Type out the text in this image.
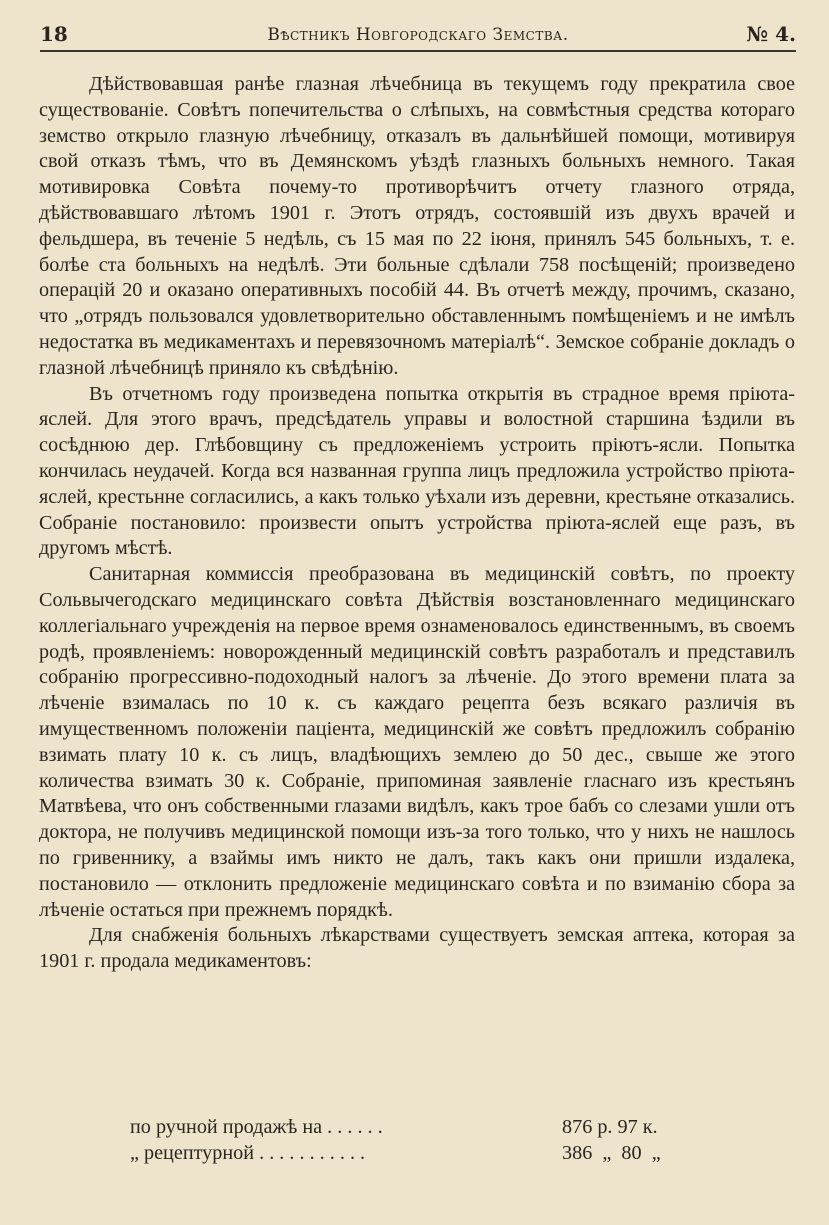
18	Вѣстникъ Новгородскаго Земства.	№ 4.

Дѣйствовавшая ранѣе глазная лѣчебница въ текущемъ году прекратила свое существованіе. Совѣтъ попечительства о слѣпыхъ, на совмѣстныя средства котораго земство открыло глазную лѣчебницу, отказалъ въ дальнѣйшей помощи, мотивируя свой отказъ тѣмъ, что въ Демянскомъ уѣздѣ глазныхъ больныхъ немного. Такая мотивировка Совѣта почему-то противорѣчитъ отчету глазного отряда, дѣйствовавшаго лѣтомъ 1901 г. Этотъ отрядъ, состоявшій изъ двухъ врачей и фельдшера, въ теченіе 5 недѣль, съ 15 мая по 22 іюня, принялъ 545 больныхъ, т. е. болѣе ста больныхъ на недѣлѣ. Эти больные сдѣлали 758 посѣщеній; произведено операцій 20 и оказано оперативныхъ пособій 44. Въ отчетѣ между, прочимъ, сказано, что „отрядъ пользовался удовлетворительно обставленнымъ помѣщеніемъ и не имѣлъ недостатка въ медикаментахъ и перевязочномъ матеріалѣ“. Земское собраніе докладъ о глазной лѣчебницѣ приняло къ свѣдѣнію.

Въ отчетномъ году произведена попытка открытія въ страдное время пріюта-яслей. Для этого врачъ, предсѣдатель управы и волостной старшина ѣздили въ сосѣднюю дер. Глѣбовщину съ предложеніемъ устроить пріютъ-ясли. Попытка кончилась неудачей. Когда вся названная группа лицъ предложила устройство пріюта-яслей, крестьнне согласились, а какъ только уѣхали изъ деревни, крестьяне отказались. Собраніе постановило: произвести опытъ устройства пріюта-яслей еще разъ, въ другомъ мѣстѣ.

Санитарная коммиссія преобразована въ медицинскій совѣтъ, по проекту Сольвычегодскаго медицинскаго совѣта Дѣйствія возстановленнаго медицинскаго коллегіальнаго учрежденія на первое время ознаменовалось единственнымъ, въ своемъ родѣ, проявленіемъ: новорожденный медицинскій совѣтъ разработалъ и представилъ собранію прогрессивно-подоходный налогъ за лѣченіе. До этого времени плата за лѣченіе взималась по 10 к. съ каждаго рецепта безъ всякаго различія въ имущественномъ положеніи паціента, медицинскій же совѣтъ предложилъ собранію взимать плату 10 к. съ лицъ, владѣющихъ землею до 50 дес., свыше же этого количества взимать 30 к. Собраніе, припоминая заявленіе гласнаго изъ крестьянъ Матвѣева, что онъ собственными глазами видѣлъ, какъ трое бабъ со слезами ушли отъ доктора, не получивъ медицинской помощи изъ-за того только, что у нихъ не нашлось по гривеннику, а взаймы имъ никто не далъ, такъ какъ они пришли издалека, постановило — отклонить предложеніе медицинскаго совѣта и по взиманію сбора за лѣченіе остаться при прежнемъ порядкѣ.

Для снабженія больныхъ лѣкарствами существуетъ земская аптека, которая за 1901 г. продала медикаментовъ:

по ручной продажѣ на . . . . . .	876 р. 97 к.
„ рецептурной . . . . . . . . . . .	386  „  80  „
